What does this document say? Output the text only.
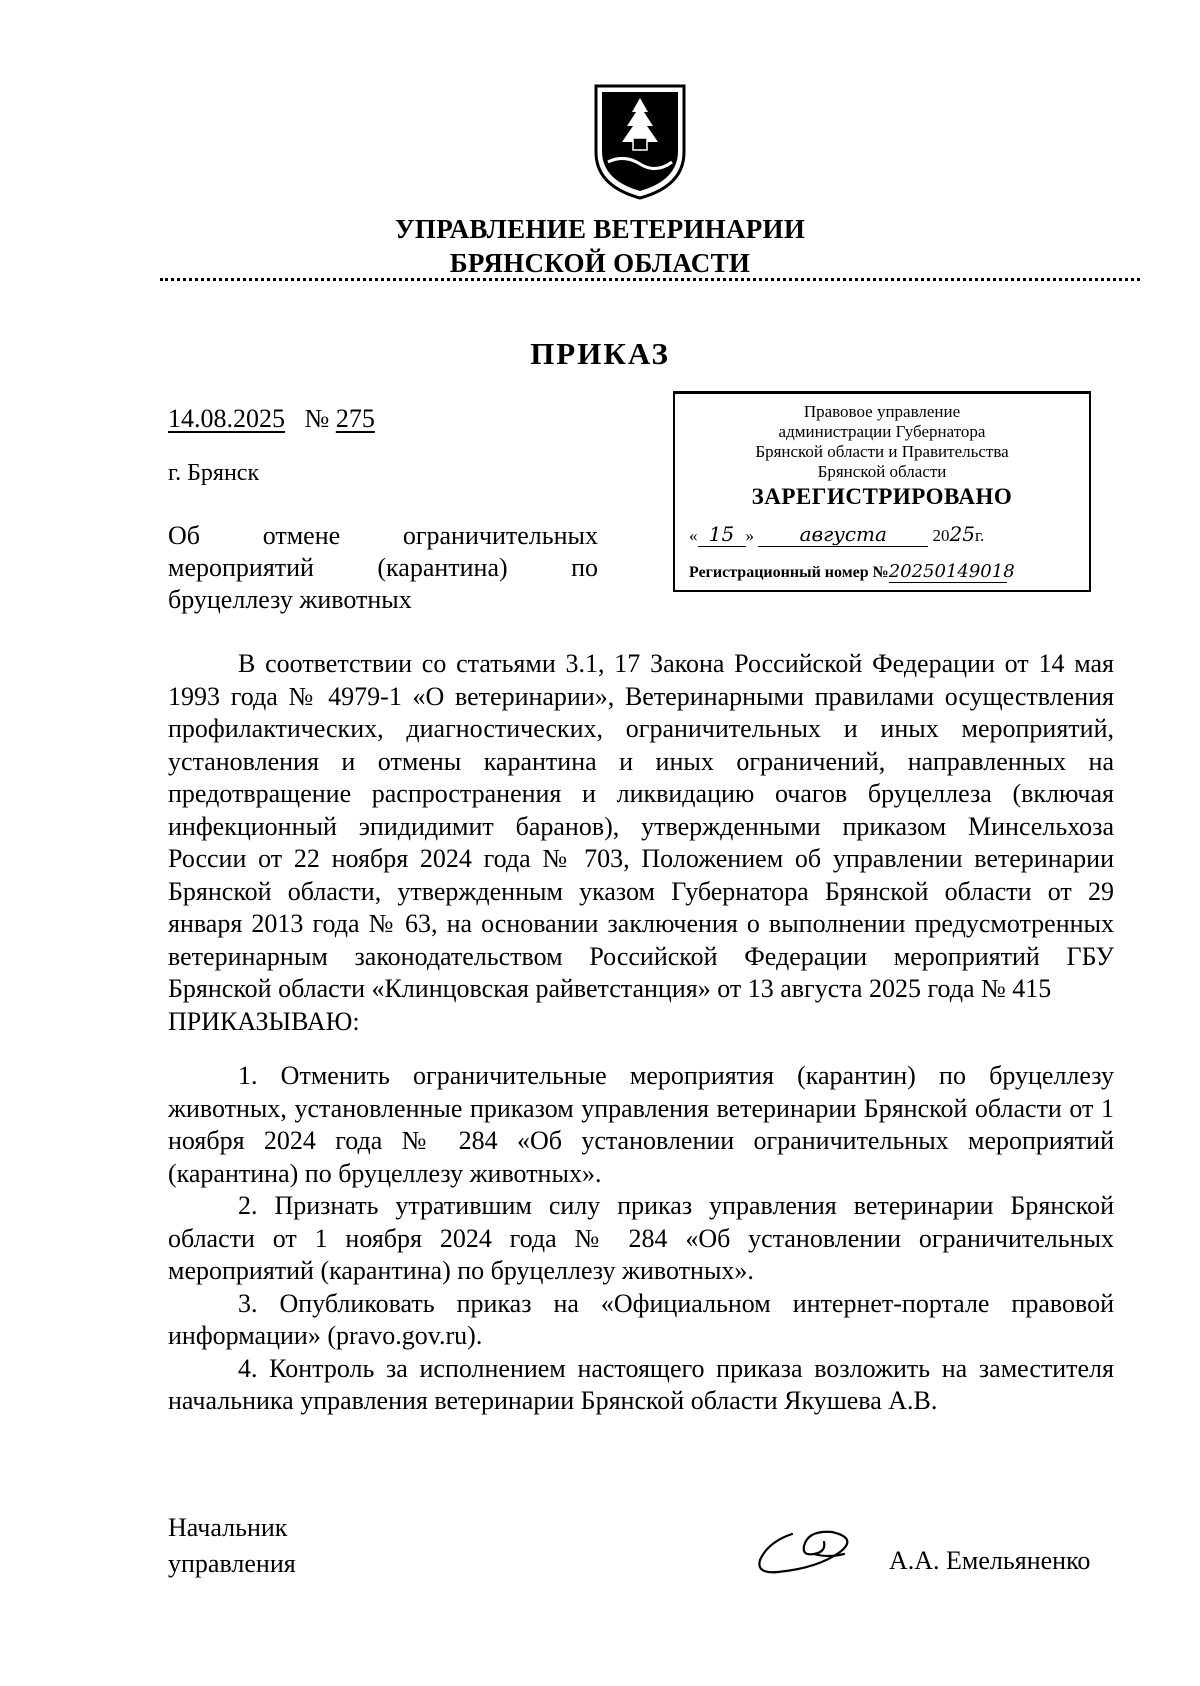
УПРАВЛЕНИЕ ВЕТЕРИНАРИИ
БРЯНСКОЙ ОБЛАСТИ
ПРИКАЗ
14.08.2025 № 275
г. Брянск
Об отмене ограничительных
мероприятий (карантина) по
бруцеллезу животных
Правовое управление
администрации Губернатора
Брянской области и Правительства
Брянской области
ЗАРЕГИСТРИРОВАНО
« 15 » августа	2025г.
Регистрационный номер №20250149018

В соответствии со статьями 3.1, 17 Закона Российской Федерации от 14 мая 1993 года № 4979-1 «О ветеринарии», Ветеринарными правилами осуществления профилактических, диагностических, ограничительных и иных мероприятий, установления и отмены карантина и иных ограничений, направленных на предотвращение распространения и ликвидацию очагов бруцеллеза (включая инфекционный эпидидимит баранов), утвержденными приказом Минсельхоза России от 22 ноября 2024 года № 703, Положением об управлении ветеринарии Брянской области, утвержденным указом Губернатора Брянской области от 29 января 2013 года № 63, на основании заключения о выполнении предусмотренных ветеринарным законодательством Российской Федерации мероприятий ГБУ Брянской области «Клинцовская райветстанция» от 13 августа 2025 года № 415

ПРИКАЗЫВАЮ:

1. Отменить ограничительные мероприятия (карантин) по бруцеллезу животных, установленные приказом управления ветеринарии Брянской области от 1 ноября 2024 года № 284 «Об установлении ограничительных мероприятий (карантина) по бруцеллезу животных».

2. Признать утратившим силу приказ управления ветеринарии Брянской области от 1 ноября 2024 года № 284 «Об установлении ограничительных мероприятий (карантина) по бруцеллезу животных».

3. Опубликовать приказ на «Официальном интернет-портале правовой информации» (pravo.gov.ru).

4. Контроль за исполнением настоящего приказа возложить на заместителя начальника управления ветеринарии Брянской области Якушева А.В.

Начальник
управления	А.А. Емельяненко
